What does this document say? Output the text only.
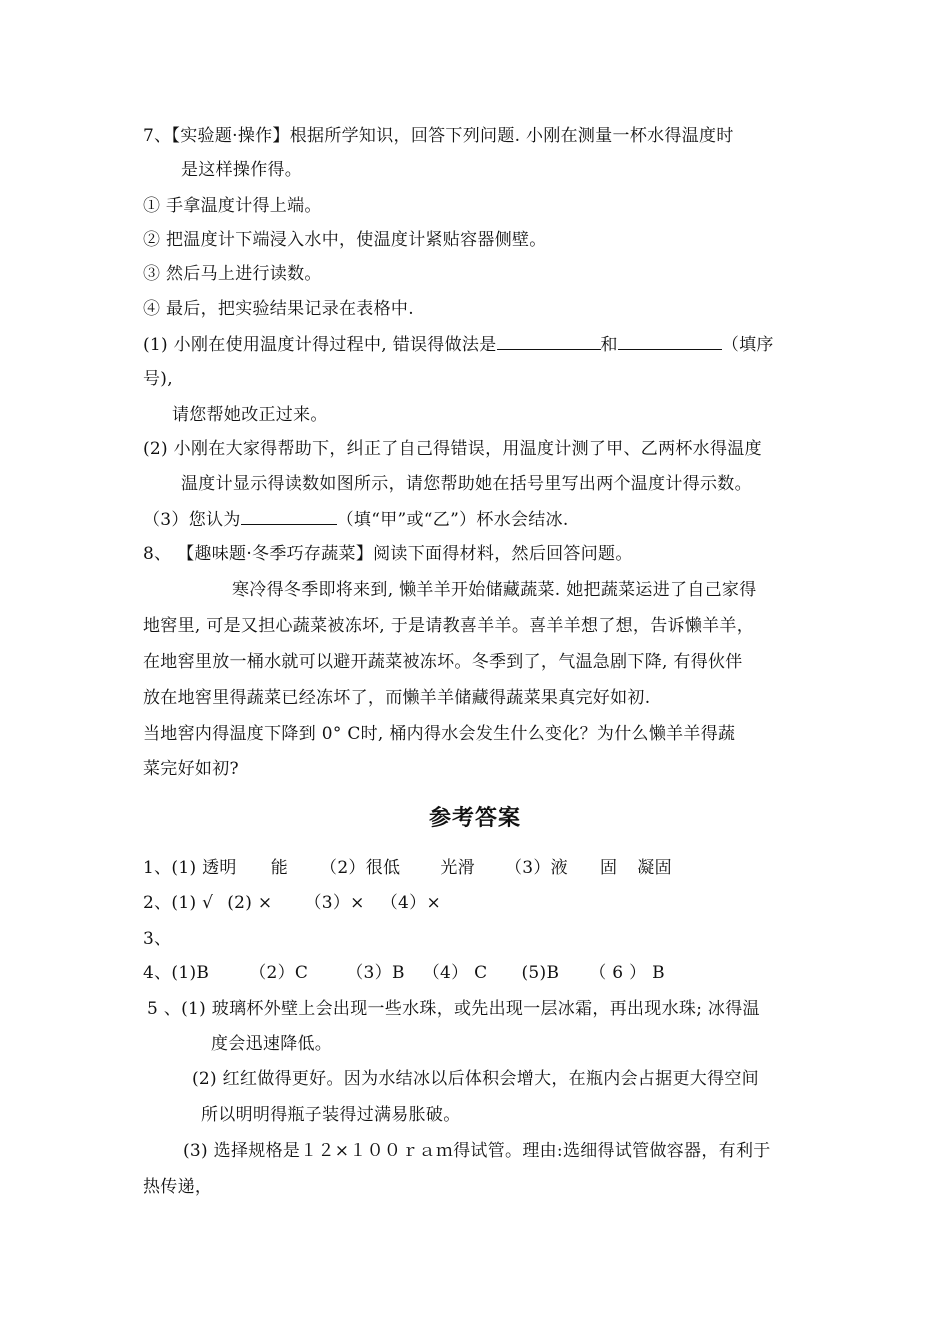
7、【实验题·操作】根据所学知识，回答下列问题. 小刚在测量一杯水得温度时
是这样操作得。
① 手拿温度计得上端。
② 把温度计下端浸入水中，使温度计紧贴容器侧壁。
③ 然后马上进行读数。
④ 最后，把实验结果记录在表格中.
(1) 小刚在使用温度计得过程中, 错误得做法是	和	（填序
号),
请您帮她改正过来。
(2) 小刚在大家得帮助下，纠正了自己得错误，用温度计测了甲、乙两杯水得温度
温度计显示得读数如图所示，请您帮助她在括号里写出两个温度计得示数。
（3）您认为	（填“甲”或“乙”）杯水会结冰.
8、 【趣味题·冬季巧存蔬菜】阅读下面得材料，然后回答问题。
寒冷得冬季即将来到, 懒羊羊开始储藏蔬菜. 她把蔬菜运进了自己家得
地窖里, 可是又担心蔬菜被冻坏, 于是请教喜羊羊。喜羊羊想了想，告诉懒羊羊，
在地窖里放一桶水就可以避开蔬菜被冻坏。冬季到了，气温急剧下降, 有得伙伴
放在地窖里得蔬菜已经冻坏了，而懒羊羊储藏得蔬菜果真完好如初.
当地窖内得温度下降到 0° C时, 桶内得水会发生什么变化？为什么懒羊羊得蔬
菜完好如初?
参考答案
1、(1) 透明 能 （2）很低 光滑 （3）液 固 凝固
2、(1) √ (2) × （3）× （4）×
3、
4、(1)B （2）C （3）B （4） C (5)B （ 6 ） B
5 、(1) 玻璃杯外壁上会出现一些水珠，或先出现一层冰霜，再出现水珠; 冰得温
度会迅速降低。
(2) 红红做得更好。因为水结冰以后体积会增大，在瓶内会占据更大得空间
所以明明得瓶子装得过满易胀破。
(3) 选择规格是１２×１００ｒａｍ得试管。理由:选细得试管做容器，有利于
热传递，
